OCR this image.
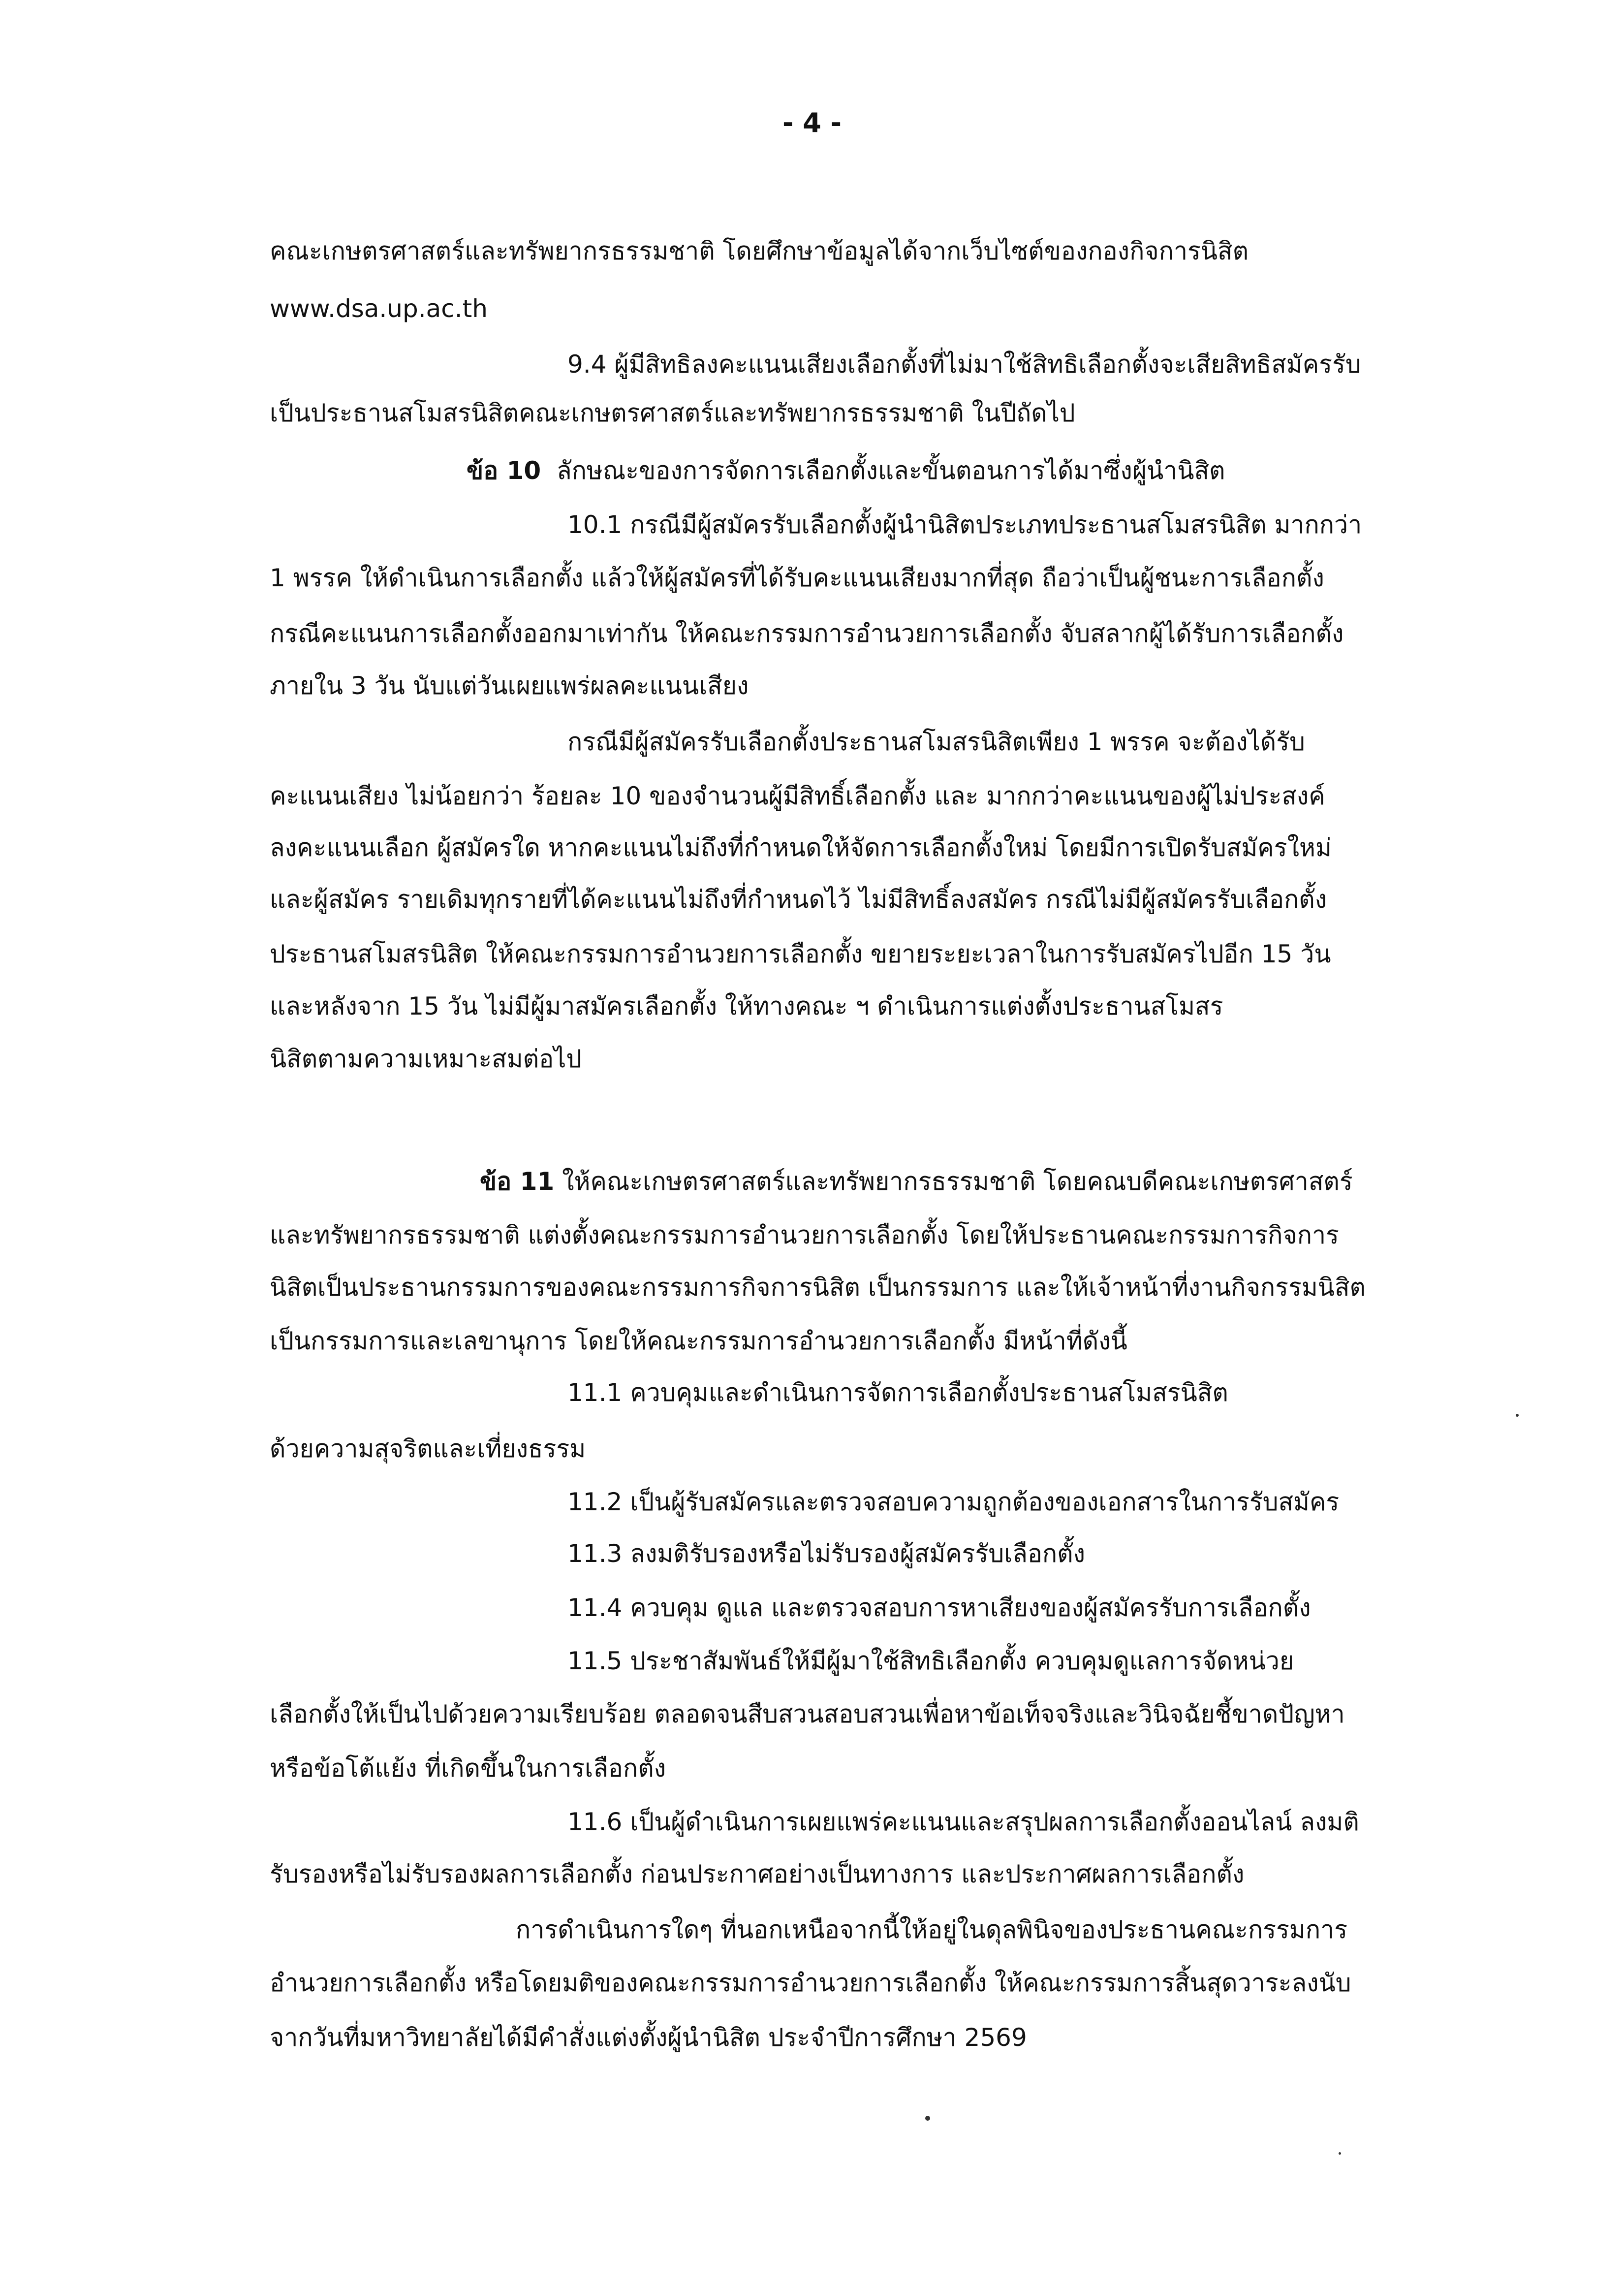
- 4 -
คณะเกษตรศาสตร์และทรัพยากรธรรมชาติ โดยศึกษาข้อมูลได้จากเว็บไซต์ของกองกิจการนิสิต
www.dsa.up.ac.th
9.4 ผู้มีสิทธิลงคะแนนเสียงเลือกตั้งที่ไม่มาใช้สิทธิเลือกตั้งจะเสียสิทธิสมัครรับ
เป็นประธานสโมสรนิสิตคณะเกษตรศาสตร์และทรัพยากรธรรมชาติ ในปีถัดไป
ข้อ 10 ลักษณะของการจัดการเลือกตั้งและขั้นตอนการได้มาซึ่งผู้นำนิสิต
10.1 กรณีมีผู้สมัครรับเลือกตั้งผู้นำนิสิตประเภทประธานสโมสรนิสิต มากกว่า
1 พรรค ให้ดำเนินการเลือกตั้ง แล้วให้ผู้สมัครที่ได้รับคะแนนเสียงมากที่สุด ถือว่าเป็นผู้ชนะการเลือกตั้ง
กรณีคะแนนการเลือกตั้งออกมาเท่ากัน ให้คณะกรรมการอำนวยการเลือกตั้ง จับสลากผู้ได้รับการเลือกตั้ง
ภายใน 3 วัน นับแต่วันเผยแพร่ผลคะแนนเสียง
กรณีมีผู้สมัครรับเลือกตั้งประธานสโมสรนิสิตเพียง 1 พรรค จะต้องได้รับ
คะแนนเสียง ไม่น้อยกว่า ร้อยละ 10 ของจำนวนผู้มีสิทธิ์เลือกตั้ง และ มากกว่าคะแนนของผู้ไม่ประสงค์
ลงคะแนนเลือก ผู้สมัครใด หากคะแนนไม่ถึงที่กำหนดให้จัดการเลือกตั้งใหม่ โดยมีการเปิดรับสมัครใหม่
และผู้สมัคร รายเดิมทุกรายที่ได้คะแนนไม่ถึงที่กำหนดไว้ ไม่มีสิทธิ์ลงสมัคร กรณีไม่มีผู้สมัครรับเลือกตั้ง
ประธานสโมสรนิสิต ให้คณะกรรมการอำนวยการเลือกตั้ง ขยายระยะเวลาในการรับสมัครไปอีก 15 วัน
และหลังจาก 15 วัน ไม่มีผู้มาสมัครเลือกตั้ง ให้ทางคณะ ฯ ดำเนินการแต่งตั้งประธานสโมสร
นิสิตตามความเหมาะสมต่อไป
ข้อ 11 ให้คณะเกษตรศาสตร์และทรัพยากรธรรมชาติ โดยคณบดีคณะเกษตรศาสตร์
และทรัพยากรธรรมชาติ แต่งตั้งคณะกรรมการอำนวยการเลือกตั้ง โดยให้ประธานคณะกรรมการกิจการ
นิสิตเป็นประธานกรรมการของคณะกรรมการกิจการนิสิต เป็นกรรมการ และให้เจ้าหน้าที่งานกิจกรรมนิสิต
เป็นกรรมการและเลขานุการ โดยให้คณะกรรมการอำนวยการเลือกตั้ง มีหน้าที่ดังนี้
11.1 ควบคุมและดำเนินการจัดการเลือกตั้งประธานสโมสรนิสิต
ด้วยความสุจริตและเที่ยงธรรม
11.2 เป็นผู้รับสมัครและตรวจสอบความถูกต้องของเอกสารในการรับสมัคร
11.3 ลงมติรับรองหรือไม่รับรองผู้สมัครรับเลือกตั้ง
11.4 ควบคุม ดูแล และตรวจสอบการหาเสียงของผู้สมัครรับการเลือกตั้ง
11.5 ประชาสัมพันธ์ให้มีผู้มาใช้สิทธิเลือกตั้ง ควบคุมดูแลการจัดหน่วย
เลือกตั้งให้เป็นไปด้วยความเรียบร้อย ตลอดจนสืบสวนสอบสวนเพื่อหาข้อเท็จจริงและวินิจฉัยชี้ขาดปัญหา
หรือข้อโต้แย้ง ที่เกิดขึ้นในการเลือกตั้ง
11.6 เป็นผู้ดำเนินการเผยแพร่คะแนนและสรุปผลการเลือกตั้งออนไลน์ ลงมติ
รับรองหรือไม่รับรองผลการเลือกตั้ง ก่อนประกาศอย่างเป็นทางการ และประกาศผลการเลือกตั้ง
การดำเนินการใดๆ ที่นอกเหนือจากนี้ให้อยู่ในดุลพินิจของประธานคณะกรรมการ
อำนวยการเลือกตั้ง หรือโดยมติของคณะกรรมการอำนวยการเลือกตั้ง ให้คณะกรรมการสิ้นสุดวาระลงนับ
จากวันที่มหาวิทยาลัยได้มีคำสั่งแต่งตั้งผู้นำนิสิต ประจำปีการศึกษา 2569
